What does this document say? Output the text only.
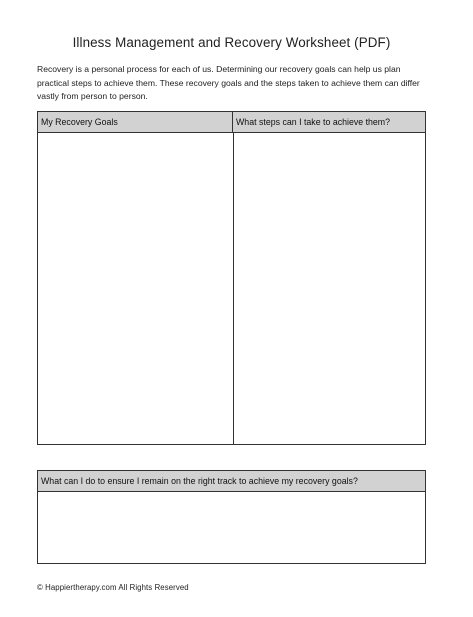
Illness Management and Recovery Worksheet (PDF)
Recovery is a personal process for each of us. Determining our recovery goals can help us plan practical steps to achieve them. These recovery goals and the steps taken to achieve them can differ vastly from person to person.
My Recovery Goals	What steps can I take to achieve them?
What can I do to ensure I remain on the right track to achieve my recovery goals?
© Happiertherapy.com All Rights Reserved
